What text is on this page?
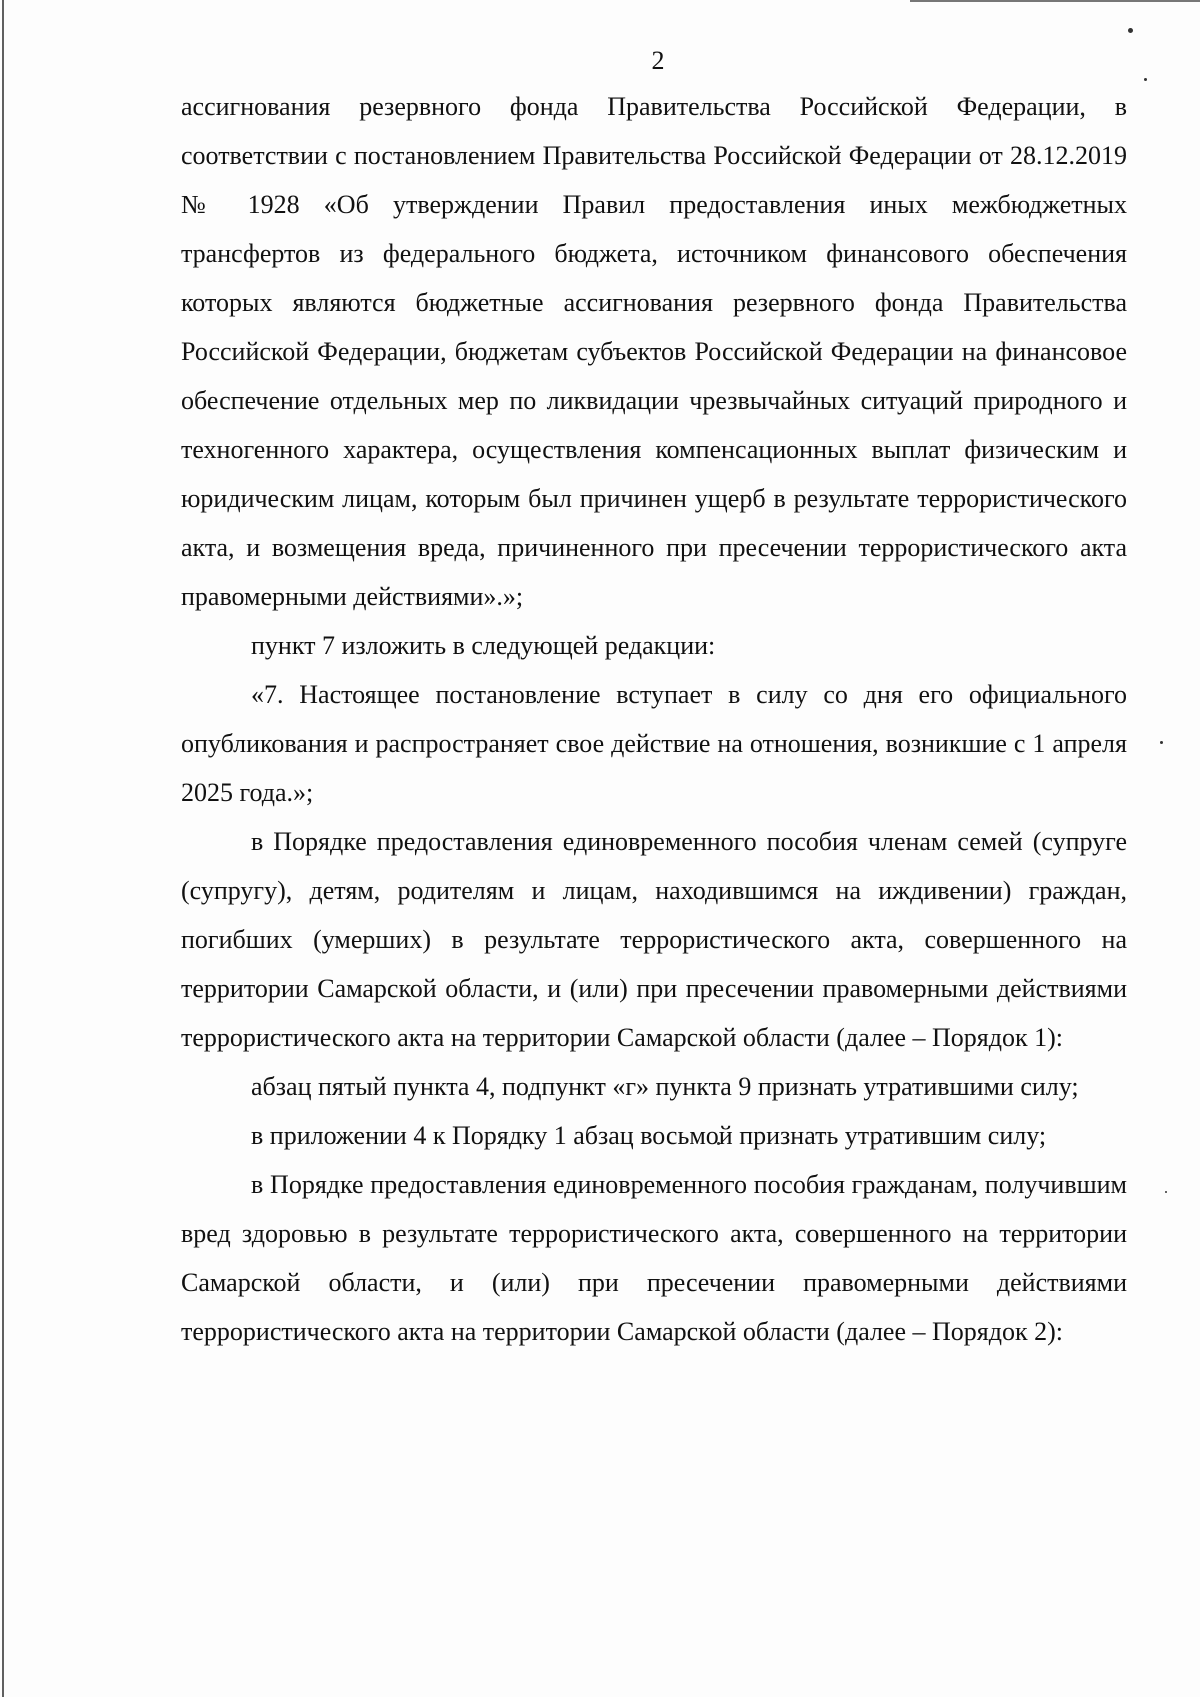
2

ассигнования резервного фонда Правительства Российской Федерации, в соответствии с постановлением Правительства Российской Федерации от 28.12.2019 № 1928 «Об утверждении Правил предоставления иных межбюджетных трансфертов из федерального бюджета, источником финансового обеспечения которых являются бюджетные ассигнования резервного фонда Правительства Российской Федерации, бюджетам субъектов Российской Федерации на финансовое обеспечение отдельных мер по ликвидации чрезвычайных ситуаций природного и техногенного характера, осуществления компенсационных выплат физическим и юридическим лицам, которым был причинен ущерб в результате террористического акта, и возмещения вреда, причиненного при пресечении террористического акта правомерными действиями».»;

пункт 7 изложить в следующей редакции:

«7. Настоящее постановление вступает в силу со дня его официального опубликования и распространяет свое действие на отношения, возникшие с 1 апреля 2025 года.»;

в Порядке предоставления единовременного пособия членам семей (супруге (супругу), детям, родителям и лицам, находившимся на иждивении) граждан, погибших (умерших) в результате террористического акта, совершенного на территории Самарской области, и (или) при пресечении правомерными действиями террористического акта на территории Самарской области (далее – Порядок 1):

абзац пятый пункта 4, подпункт «г» пункта 9 признать утратившими силу;

в приложении 4 к Порядку 1 абзац восьмой признать утратившим силу;

в Порядке предоставления единовременного пособия гражданам, получившим вред здоровью в результате террористического акта, совершенного на территории Самарской области, и (или) при пресечении правомерными действиями террористического акта на территории Самарской области (далее – Порядок 2):
